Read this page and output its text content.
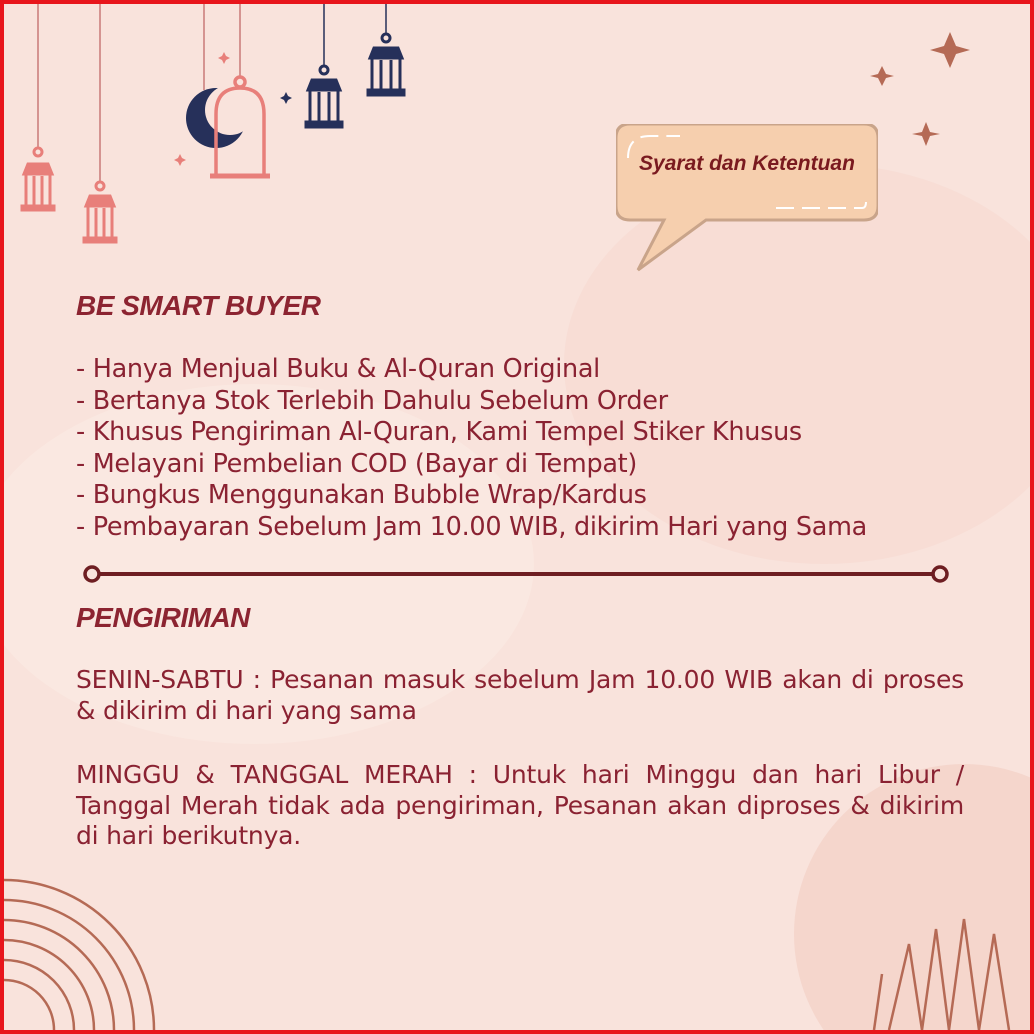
Syarat dan Ketentuan
BE SMART BUYER
- Hanya Menjual Buku & Al-Quran Original
- Bertanya Stok Terlebih Dahulu Sebelum Order
- Khusus Pengiriman Al-Quran, Kami Tempel Stiker Khusus
- Melayani Pembelian COD (Bayar di Tempat)
- Bungkus Menggunakan Bubble Wrap/Kardus
- Pembayaran Sebelum Jam 10.00 WIB, dikirim Hari yang Sama
PENGIRIMAN
SENIN-SABTU : Pesanan masuk sebelum Jam 10.00 WIB akan di proses & dikirim di hari yang sama
MINGGU & TANGGAL MERAH : Untuk hari Minggu dan hari Libur / Tanggal Merah tidak ada pengiriman, Pesanan akan diproses & dikirim di hari berikutnya.
